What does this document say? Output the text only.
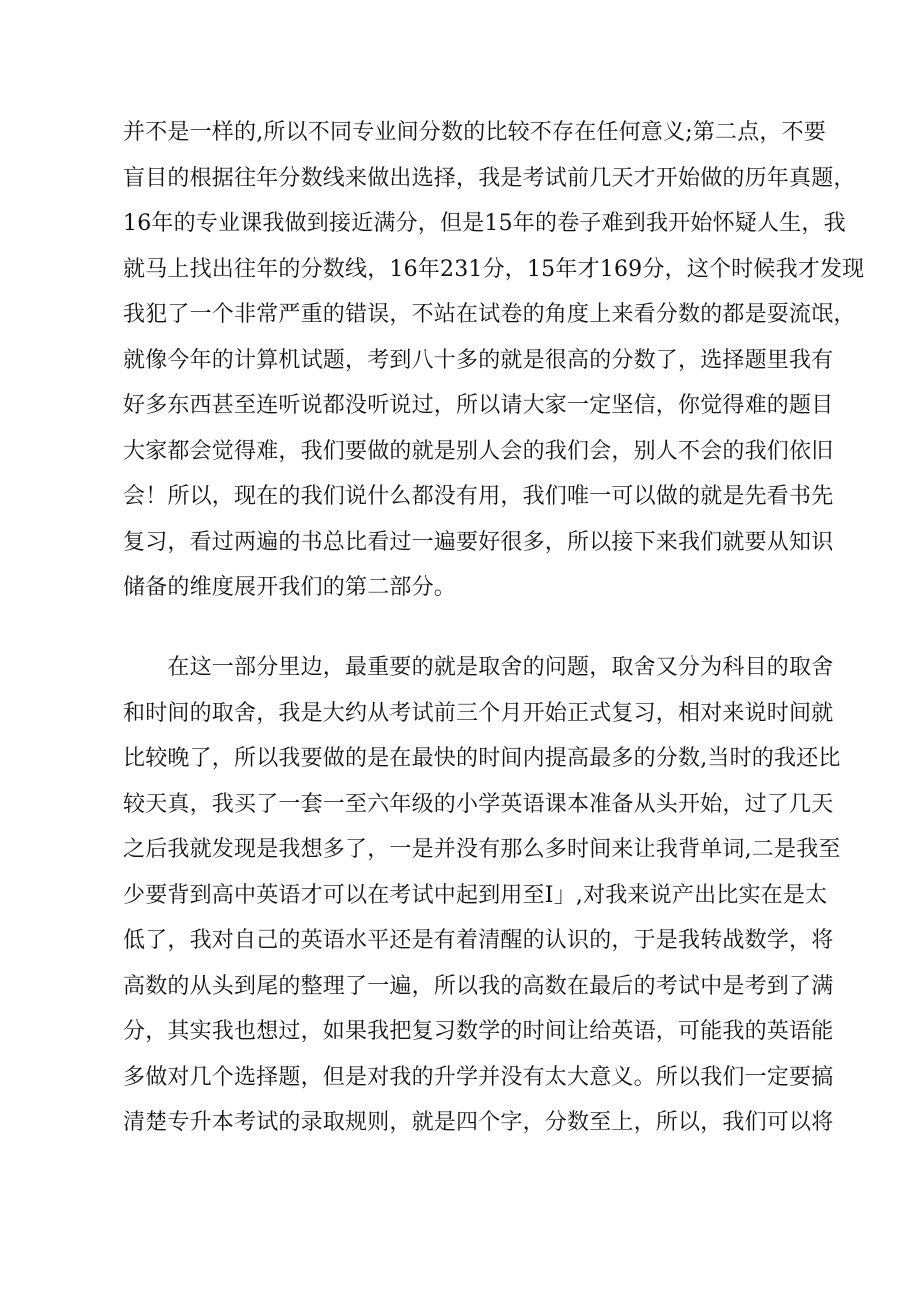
并不是一样的,所以不同专业间分数的比较不存在任何意义;第二点，不要
盲目的根据往年分数线来做出选择，我是考试前几天才开始做的历年真题，
16年的专业课我做到接近满分，但是15年的卷子难到我开始怀疑人生，我
就马上找出往年的分数线，16年231分，15年才169分，这个时候我才发现
我犯了一个非常严重的错误，不站在试卷的角度上来看分数的都是耍流氓，
就像今年的计算机试题，考到八十多的就是很高的分数了，选择题里我有
好多东西甚至连听说都没听说过，所以请大家一定坚信，你觉得难的题目
大家都会觉得难，我们要做的就是别人会的我们会，别人不会的我们依旧
会！所以，现在的我们说什么都没有用，我们唯一可以做的就是先看书先
复习，看过两遍的书总比看过一遍要好很多，所以接下来我们就要从知识
储备的维度展开我们的第二部分。
　　在这一部分里边，最重要的就是取舍的问题，取舍又分为科目的取舍
和时间的取舍，我是大约从考试前三个月开始正式复习，相对来说时间就
比较晚了，所以我要做的是在最快的时间内提高最多的分数,当时的我还比
较天真，我买了一套一至六年级的小学英语课本准备从头开始，过了几天
之后我就发现是我想多了，一是并没有那么多时间来让我背单词,二是我至
少要背到高中英语才可以在考试中起到用至I」,对我来说产出比实在是太
低了，我对自己的英语水平还是有着清醒的认识的，于是我转战数学，将
高数的从头到尾的整理了一遍，所以我的高数在最后的考试中是考到了满
分，其实我也想过，如果我把复习数学的时间让给英语，可能我的英语能
多做对几个选择题，但是对我的升学并没有太大意义。所以我们一定要搞
清楚专升本考试的录取规则，就是四个字，分数至上，所以，我们可以将
